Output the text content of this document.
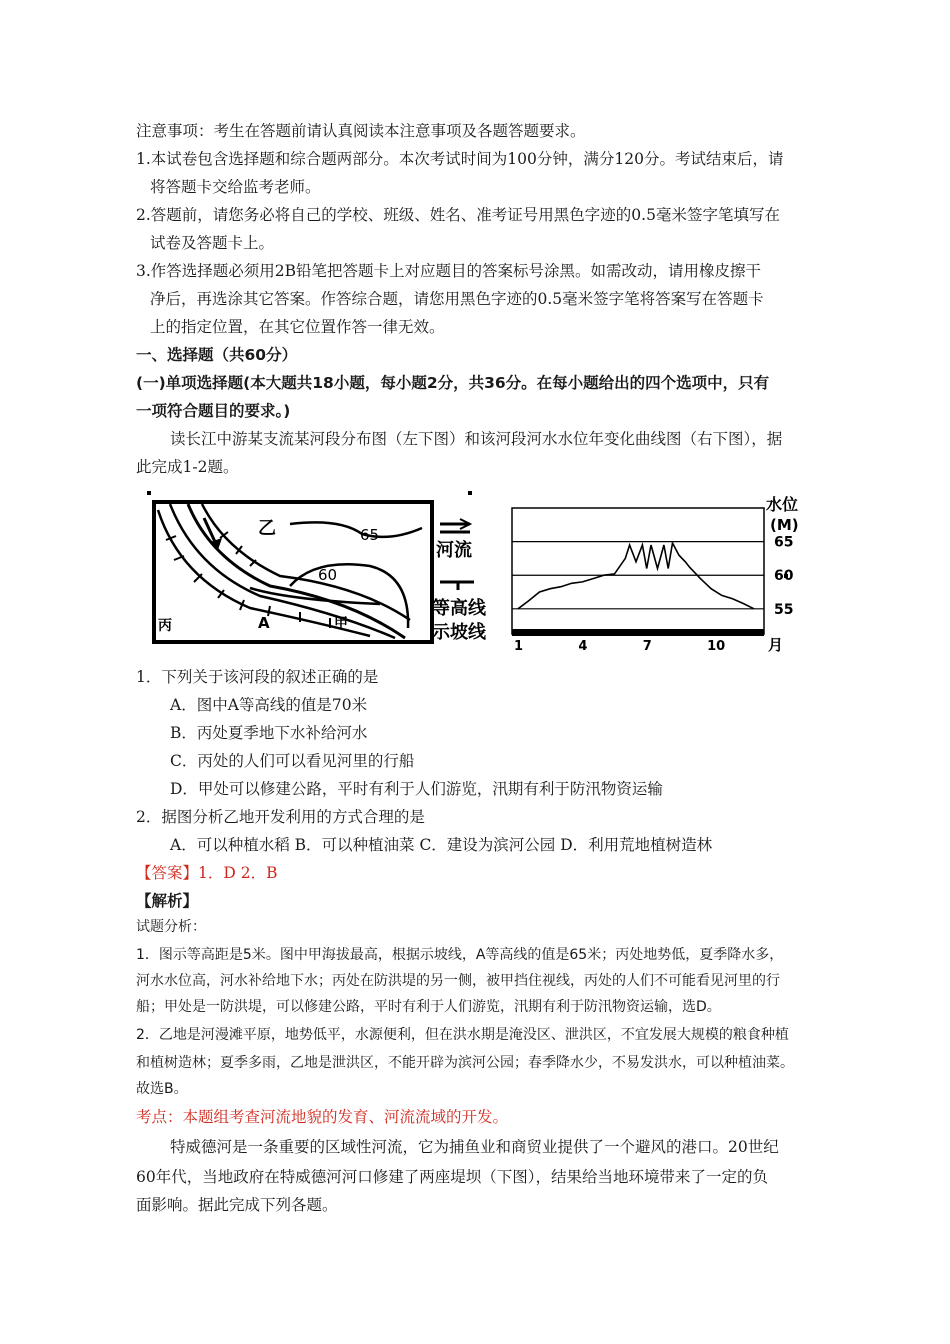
注意事项：考生在答题前请认真阅读本注意事项及各题答题要求。
1.本试卷包含选择题和综合题两部分。本次考试时间为100分钟，满分120分。考试结束后，请
将答题卡交给监考老师。
2.答题前，请您务必将自己的学校、班级、姓名、准考证号用黑色字迹的0.5毫米签字笔填写在
试卷及答题卡上。
3.作答选择题必须用2B铅笔把答题卡上对应题目的答案标号涂黑。如需改动，请用橡皮擦干
净后，再选涂其它答案。作答综合题，请您用黑色字迹的0.5毫米签字笔将答案写在答题卡
上的指定位置，在其它位置作答一律无效。
一、选择题（共60分）
(一)单项选择题(本大题共18小题，每小题2分，共36分。在每小题给出的四个选项中，只有
一项符合题目的要求。)
读长江中游某支流某河段分布图（左下图）和该河段河水水位年变化曲线图（右下图），据
此完成1-2题。
乙	65
60
丙	A	甲
河流
等高线
示坡线
水位
(M)
月
65
60
55
1	4	7	10
1．下列关于该河段的叙述正确的是
A．图中A等高线的值是70米
B．丙处夏季地下水补给河水
C．丙处的人们可以看见河里的行船
D．甲处可以修建公路，平时有利于人们游览，汛期有利于防汛物资运输
2．据图分析乙地开发利用的方式合理的是
A．可以种植水稻 B．可以种植油菜 C．建设为滨河公园 D．利用荒地植树造林
【答案】1．D 2．B
【解析】
试题分析：
1．图示等高距是5米。图中甲海拔最高，根据示坡线，A等高线的值是65米；丙处地势低，夏季降水多，
河水水位高，河水补给地下水；丙处在防洪堤的另一侧，被甲挡住视线，丙处的人们不可能看见河里的行
船；甲处是一防洪堤，可以修建公路，平时有利于人们游览，汛期有利于防汛物资运输，选D。
2．乙地是河漫滩平原，地势低平，水源便利，但在洪水期是淹没区、泄洪区，不宜发展大规模的粮食种植
和植树造林；夏季多雨，乙地是泄洪区，不能开辟为滨河公园；春季降水少，不易发洪水，可以种植油菜。
故选B。
考点：本题组考查河流地貌的发育、河流流域的开发。
特威德河是一条重要的区域性河流，它为捕鱼业和商贸业提供了一个避风的港口。20世纪
60年代，当地政府在特威德河河口修建了两座堤坝（下图），结果给当地环境带来了一定的负
面影响。据此完成下列各题。
